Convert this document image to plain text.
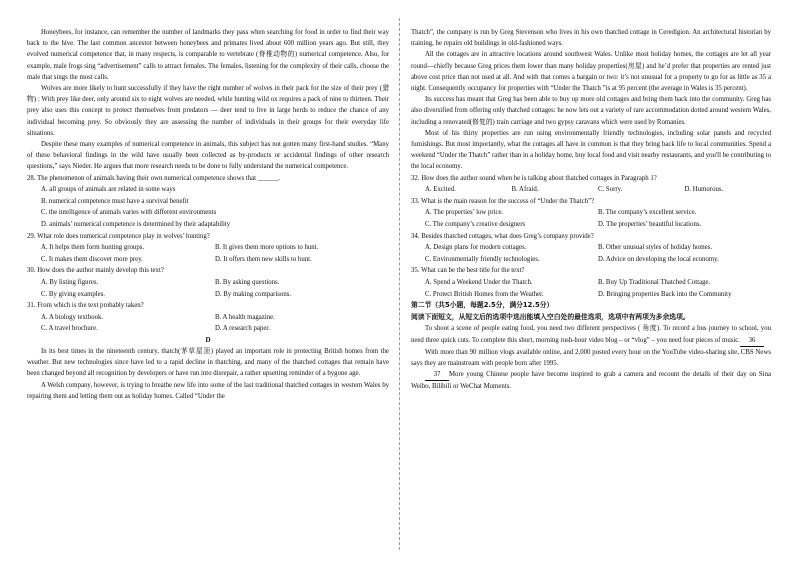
Honeybees, for instance, can remember the number of landmarks they pass when searching for food in order to find their way back to the hive. The last common ancestor between honeybees and primates lived about 600 million years ago. But still, they evolved numerical competence that, in many respects, is comparable to vertebrate (脊椎动物的) numerical competence. Also, for example, male frogs sing “advertisement” calls to attract females. The females, listening for the complexity of their calls, choose the male that sings the most calls.

Wolves are more likely to hunt successfully if they have the right number of wolves in their pack for the size of their prey (猎物) : With prey like deer, only around six to eight wolves are needed, while hunting wild ox requires a pack of nine to thirteen. Their prey also uses this concept to protect themselves from predators — deer tend to live in large herds to reduce the chance of any individual becoming prey. So obviously they are assessing the number of individuals in their groups for their everyday life situations.

Despite these many examples of numerical competence in animals, this subject has not gotten many first-hand studies. “Many of these behavioral findings in the wild have usually been collected as by-products or accidental findings of other research questions,” says Nieder. He argues that more research needs to be done to fully understand the numerical competence.

28. The phenomenon of animals having their own numerical competence shows that ______.
A. all groups of animals are related in some ways
B. numerical competence must have a survival benefit
C. the intelligence of animals varies with different environments
D. animals’ numerical competence is determined by their adaptability
29. What role does numerical competence play in wolves’ hunting?
A. It helps them form hunting groups.	B. It gives them more options to hunt.
C. It makes them discover more prey.	D. It offers them new skills to hunt.
30. How does the author mainly develop this text?
A. By listing figures.	B. By asking questions.
C. By giving examples.	D. By making comparisons.
31. From which is the text probably taken?
A. A biology textbook.	B. A health magazine.
C. A travel brochure.	D. A research paper.
D

In its best times in the nineteenth century, thatch(茅草屋顶) played an important role in protecting British homes from the weather. But new technologies since have led to a rapid decline in thatching, and many of the thatched cottages that remain have been changed beyond all recognition by developers or have run into disrepair, a rather upsetting reminder of a bygone age.

A Welsh company, however, is trying to breathe new life into some of the last traditional thatched cottages in western Wales by repairing them and letting them out as holiday homes. Called “Under the

Thatch”, the company is run by Greg Stevenson who lives in his own thatched cottage in Ceredigion. An architectural historian by training, he repairs old buildings in old-fashioned ways.

All the cottages are in attractive locations around southwest Wales. Unlike most holiday homes, the cottages are let all year round—chiefly because Greg prices them lower than many holiday properties(房屋) and he’d prefer that properties are rented just above cost price than not used at all. And with that comes a bargain or two: it’s not unusual for a property to go for as little as 35 a night. Consequently occupancy for properties with “Under the Thatch ”is at 95 percent (the average in Wales is 35 percent).

Its success has meant that Greg has been able to buy up more old cottages and bring them back into the community. Greg has also diversified from offering only thatched cottages: he now lets out a variety of rare accommodation dotted around western Wales, including a renovated(修复的) train carriage and two gypsy caravans which were used by Romanies.

Most of his thirty properties are run using environmentally friendly technologies, including solar panels and recycled furnishings. But most importantly, what the cottages all have in common is that they bring back life to local communities. Spend a weekend “Under the Thatch” rather than in a holiday home, buy local food and visit nearby restaurants, and you'll be contributing to the local economy.

32. How does the author sound when he is talking about thatched cottages in Paragraph 1?
A. Excited.	B. Afraid.	C. Sorry.	D. Humorous.
33. What is the main reason for the success of “Under the Thatch”?
A. The properties’ low price.	B. The company’s excellent service.
C. The company’s creative designers	D. The properties’ beautiful locations.
34. Besides thatched cottages, what does Greg’s company provide?
A. Design plans for modern cottages.	B. Other unusual styles of holiday homes.
C. Environmentally friendly technologies.	D. Advice on developing the local economy.
35. What can be the best title for the text?
A. Spend a Weekend Under the Thatch.	B. Buy Up Traditional Thatched Cottage.
C. Protect British Homes from the Weather.	D. Bringing properties Back into the Community
第二节（共5小题，每题2.5分，满分12.5分）
阅读下面短文，从短文后的选项中选出能填入空白处的最佳选项，选项中有两项为多余选项。

To shoot a scene of people eating food, you need two different perspectives ( 角度). To record a bus journey to school, you need three quick cuts. To complete this short, morning rush-hour video blog – or “vlog” – you need four pieces of music. 36

With more than 90 million vlogs available online, and 2,000 posted every hour on the YouTube video-sharing site, CBS News says they are mainstream with people born after 1995.

37 More young Chinese people have become inspired to grab a camera and recount the details of their day on Sina Weibo, Bilibili or WeChat Moments.
